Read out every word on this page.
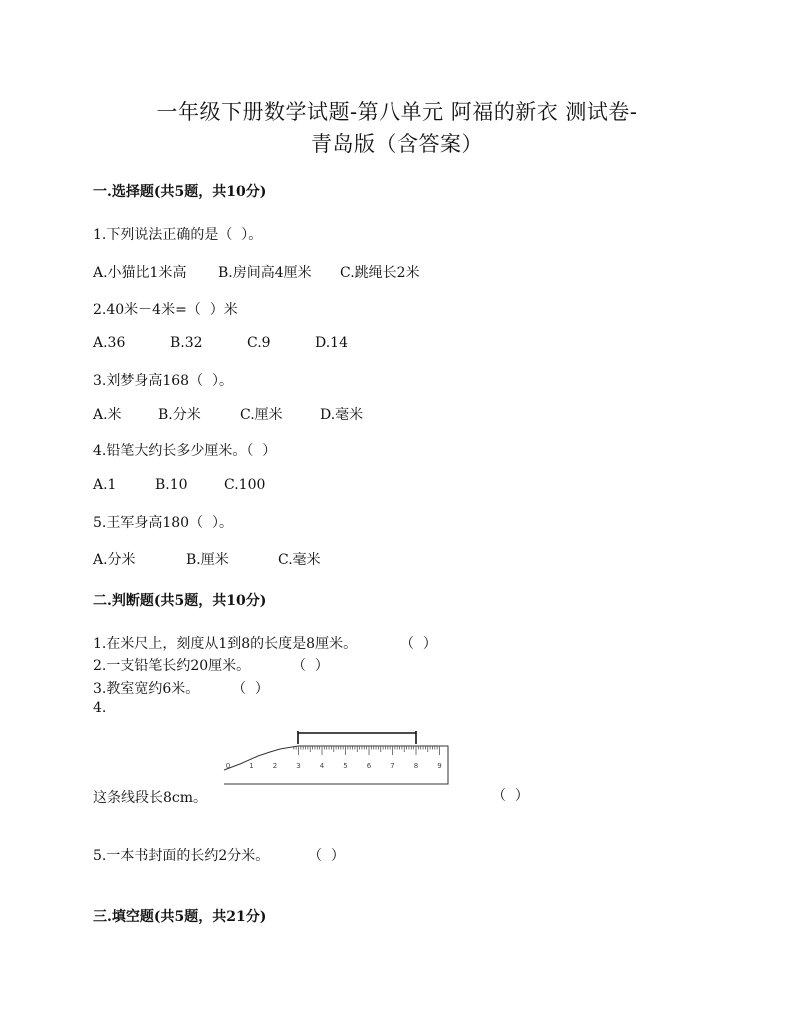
一年级下册数学试题-第八单元 阿福的新衣 测试卷-
青岛版（含答案）
一.选择题(共5题，共10分)
1.下列说法正确的是（  ）。
A.小猫比1米高 B.房间高4厘米 C.跳绳长2米
2.40米－4米=（  ）米
A.36	B.32	C.9	D.14
3.刘梦身高168（  ）。
A.米	B.分米	C.厘米	D.毫米
4.铅笔大约长多少厘米。（  ）
A.1	B.10	C.100
5.王军身高180（  ）。
A.分米	B.厘米	C.毫米
二.判断题(共5题，共10分)
1.在米尺上，刻度从1到8的长度是8厘米。	（  ）
2.一支铅笔长约20厘米。	（  ）
3.教室宽约6米。 （  ）
4.
0	1	2	3	4	5	6	7	8	9
这条线段长8cm。	（  ）
5.一本书封面的长约2分米。	（  ）
三.填空题(共5题，共21分)
